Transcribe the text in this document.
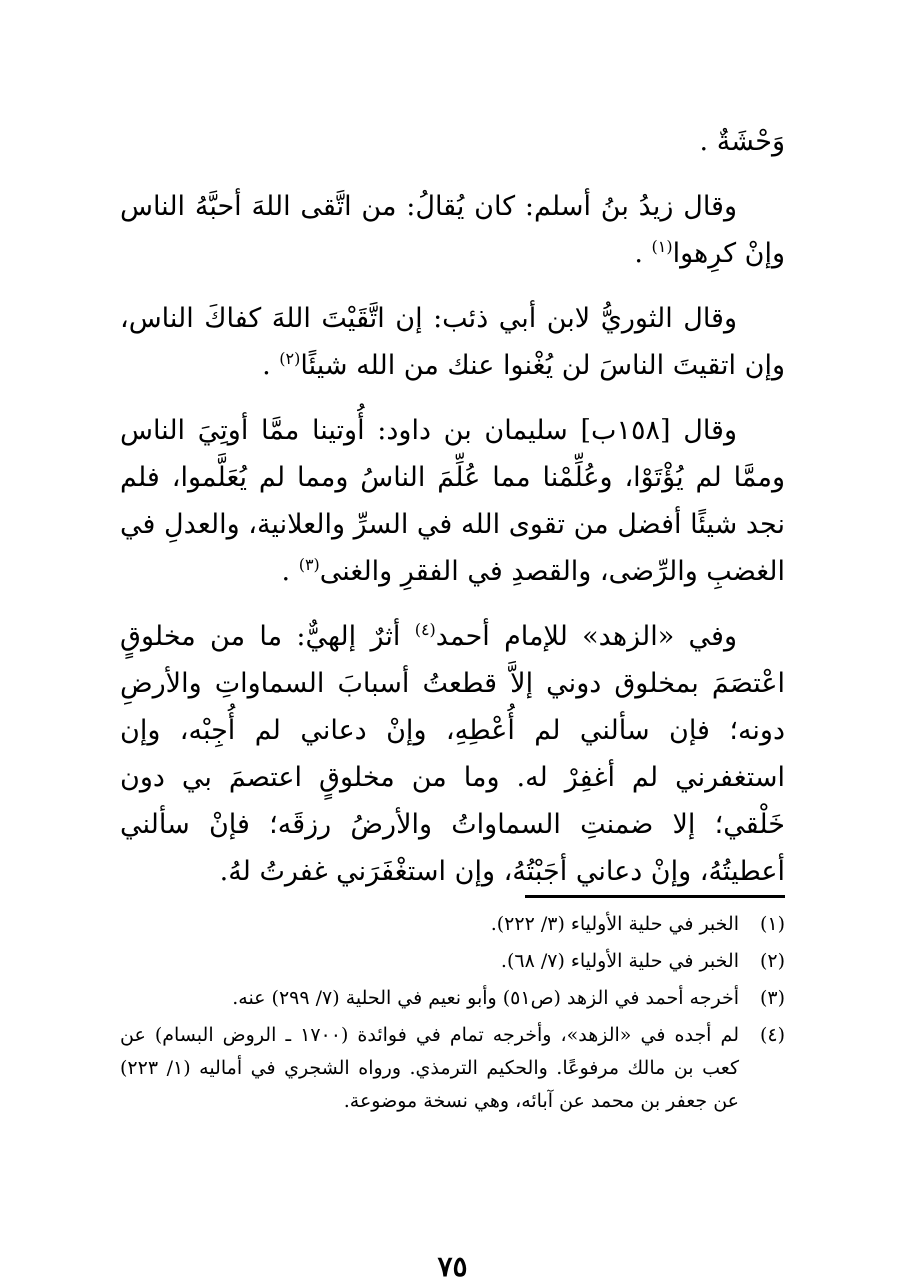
وَحْشَةٌ .

وقال زيدُ بنُ أسلم: كان يُقالُ: من اتَّقى اللهَ أحبَّهُ الناس وإنْ كرِهوا$^{(١)}$ .

وقال الثوريُّ لابن أبي ذئب: إن اتَّقَيْتَ اللهَ كفاكَ الناس، وإن اتقيتَ الناسَ لن يُغْنوا عنك من الله شيئًا$^{(٢)}$ .

وقال [١٥٨ب] سليمان بن داود: أُوتينا ممَّا أوتِيَ الناس وممَّا لم يُؤْتَوْا، وعُلِّمْنا مما عُلِّمَ الناسُ ومما لم يُعَلَّموا، فلم نجد شيئًا أفضل من تقوى الله في السرِّ والعلانية، والعدلِ في الغضبِ والرِّضى، والقصدِ في الفقرِ والغنى$^{(٣)}$ .

وفي «الزهد» للإمام أحمد$^{(٤)}$ أثرٌ إلهيٌّ: ما من مخلوقٍ اعْتصَمَ بمخلوق دوني إلاَّ قطعتُ أسبابَ السماواتِ والأرضِ دونه؛ فإن سألني لم أُعْطِهِ، وإنْ دعاني لم أُجِبْه، وإن استغفرني لم أغفِرْ له. وما من مخلوقٍ اعتصمَ بي دون خَلْقي؛ إلا ضمنتِ السماواتُ والأرضُ رزقَه؛ فإنْ سألني أعطيتُهُ، وإنْ دعاني أجَبْتُهُ، وإن استغْفَرَني غفرتُ لهُ.

(١)
الخبر في حلية الأولياء (٣/ ٢٢٢).
(٢)
الخبر في حلية الأولياء (٧/ ٦٨).
(٣)
أخرجه أحمد في الزهد (ص٥١) وأبو نعيم في الحلية (٧/ ٢٩٩) عنه.
(٤)
لم أجده في «الزهد»، وأخرجه تمام في فوائدة (١٧٠٠ ـ الروض البسام) عن كعب بن مالك مرفوعًا. والحكيم الترمذي. ورواه الشجري في أماليه (١/ ٢٢٣) عن جعفر بن محمد عن آبائه، وهي نسخة موضوعة.
٧٥
